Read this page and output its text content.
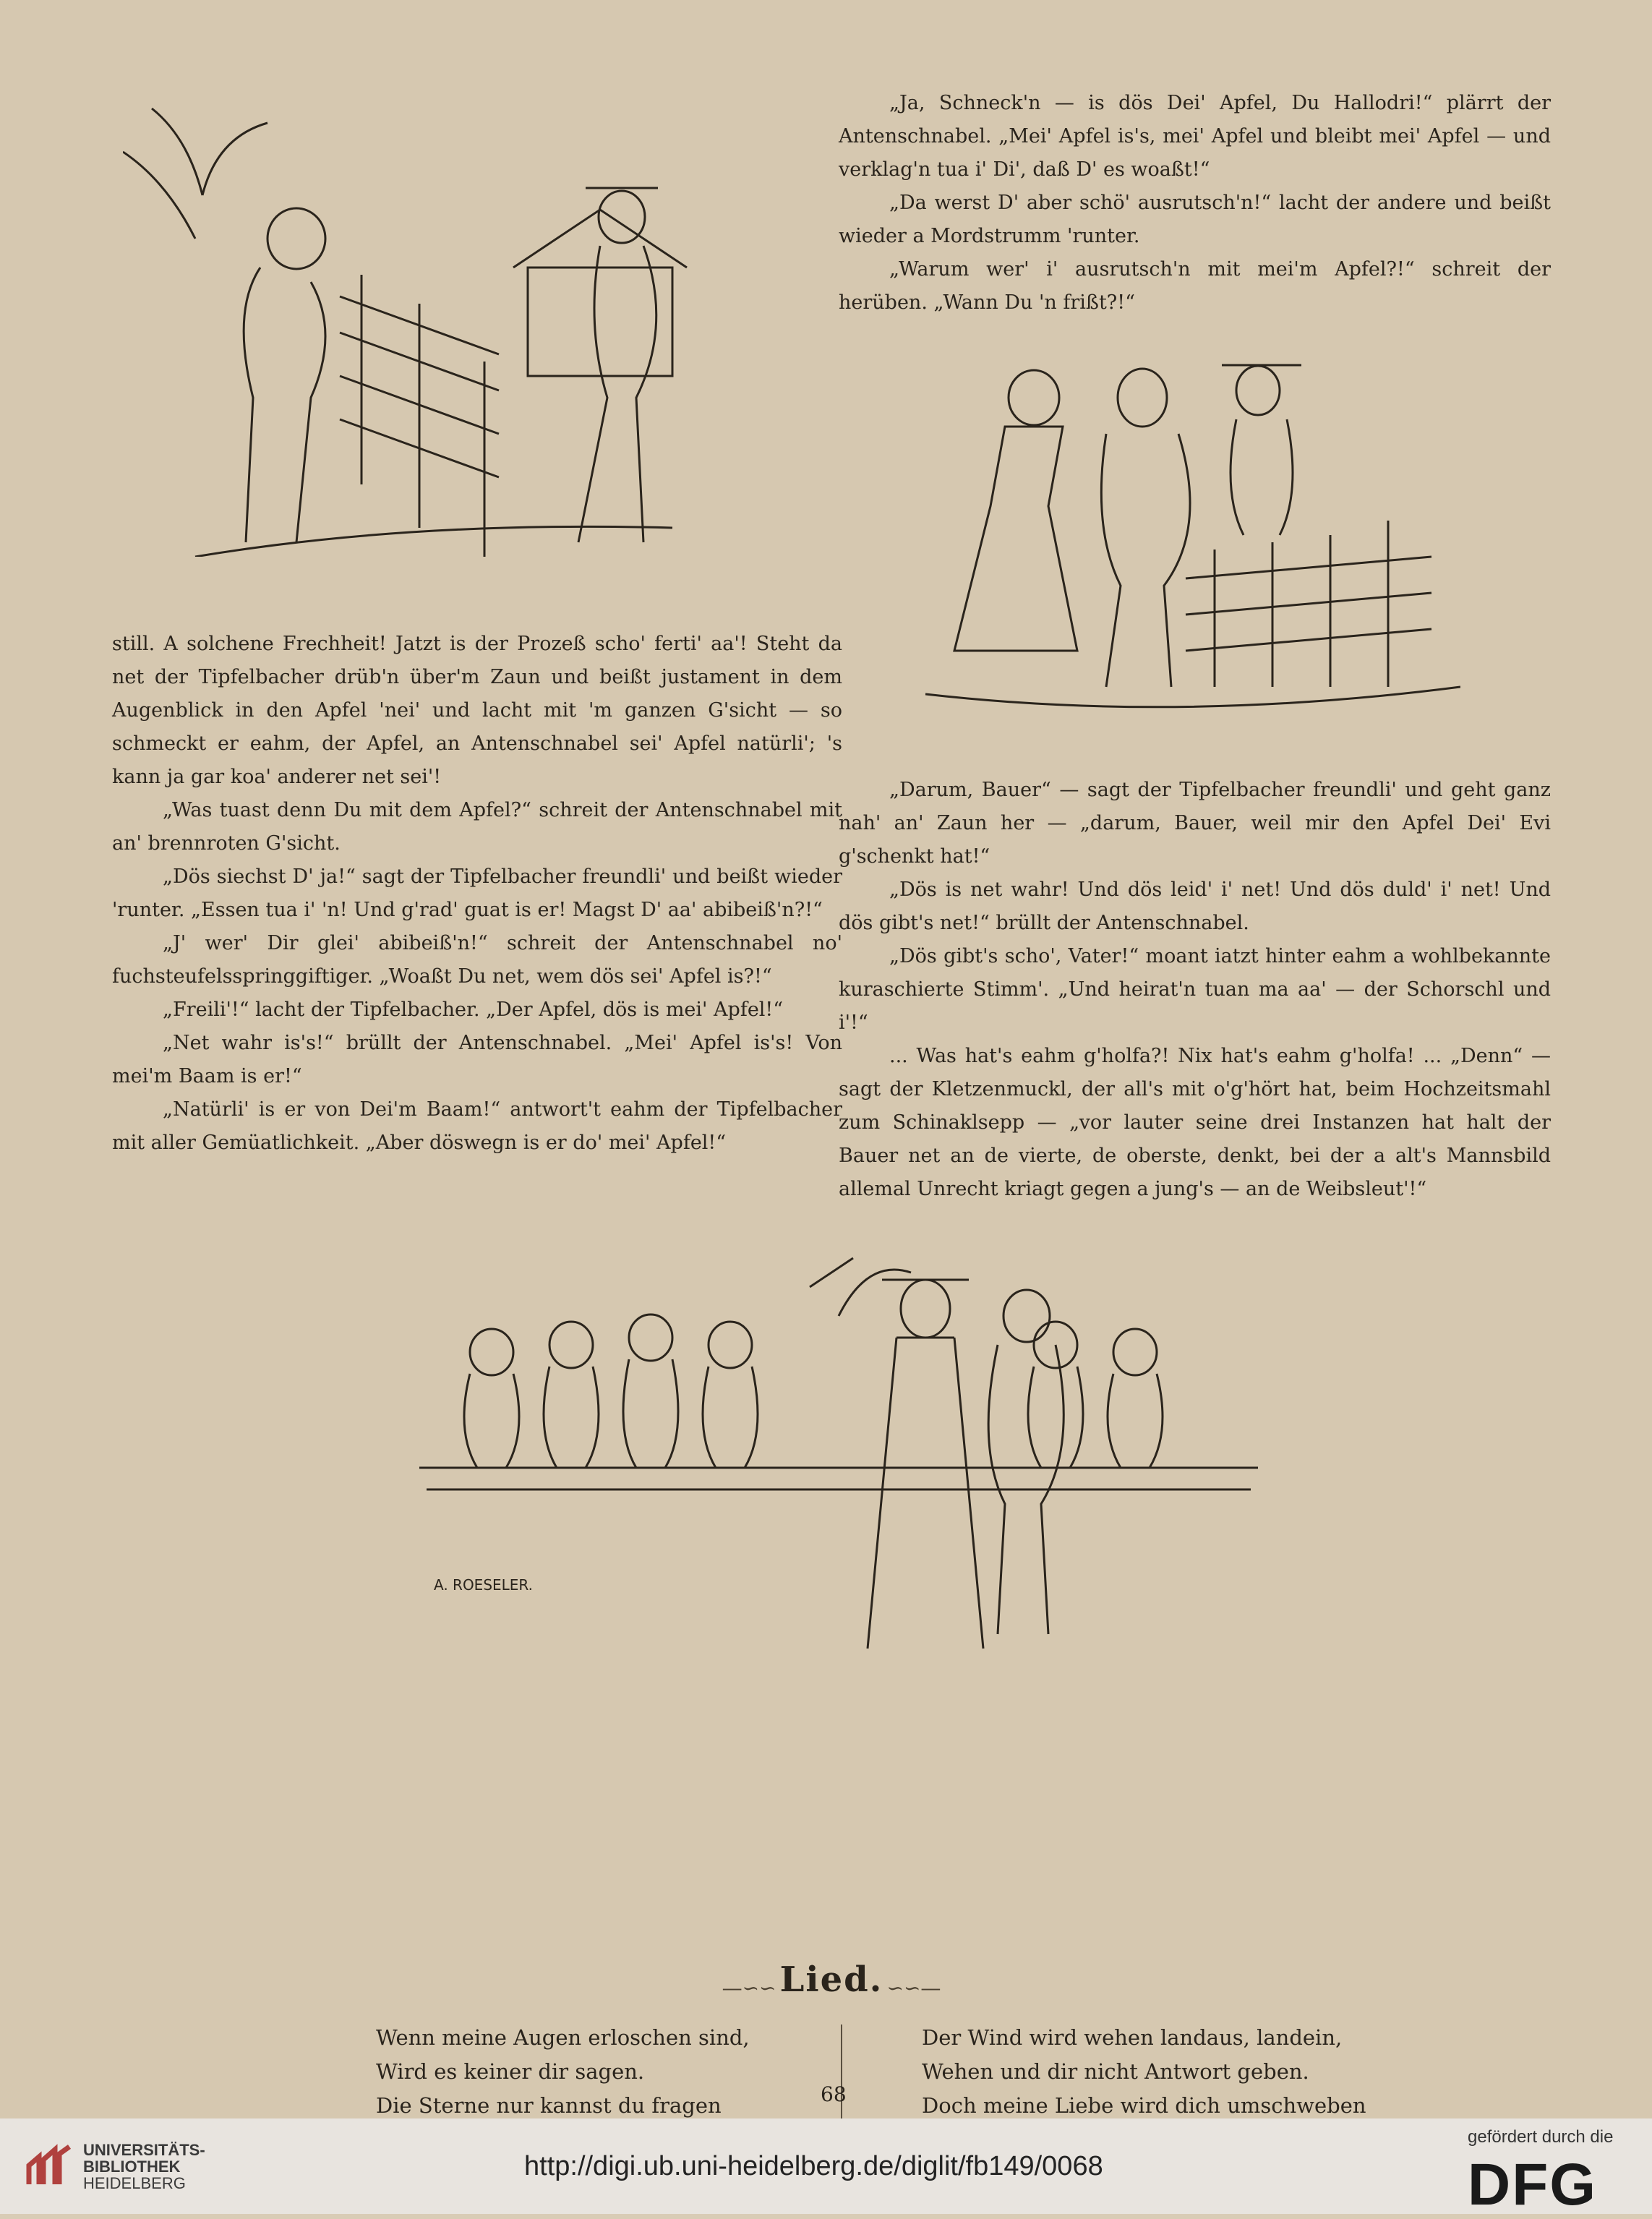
still. A solchene Frechheit! Jatzt is der Prozeß scho' ferti' aa'! Steht da net der Tipfelbacher drüb'n über'm Zaun und beißt justament in dem Augenblick in den Apfel 'nei' und lacht mit 'm ganzen G'sicht — so schmeckt er eahm, der Apfel, an Antenschnabel sei' Apfel natürli'; 's kann ja gar koa' anderer net sei'!

„Was tuast denn Du mit dem Apfel?“ schreit der Antenschnabel mit an' brennroten G'sicht.

„Dös siechst D' ja!“ sagt der Tipfelbacher freundli' und beißt wieder 'runter. „Essen tua i' 'n! Und g'rad' guat is er! Magst D' aa' abibeiß'n?!“

„J' wer' Dir glei' abibeiß'n!“ schreit der Antenschnabel no' fuchsteufelsspringgiftiger. „Woaßt Du net, wem dös sei' Apfel is?!“

„Freili'!“ lacht der Tipfelbacher. „Der Apfel, dös is mei' Apfel!“

„Net wahr is's!“ brüllt der Antenschnabel. „Mei' Apfel is's! Von mei'm Baam is er!“

„Natürli' is er von Dei'm Baam!“ antwort't eahm der Tipfelbacher mit aller Gemüatlichkeit. „Aber döswegn is er do' mei' Apfel!“

„Ja, Schneck'n — is dös Dei' Apfel, Du Hallodri!“ plärrt der Antenschnabel. „Mei' Apfel is's, mei' Apfel und bleibt mei' Apfel — und verklag'n tua i' Di', daß D' es woaßt!“

„Da werst D' aber schö' ausrutsch'n!“ lacht der andere und beißt wieder a Mordstrumm 'runter.

„Warum wer' i' ausrutsch'n mit mei'm Apfel?!“ schreit der herüben. „Wann Du 'n frißt?!“

„Darum, Bauer“ — sagt der Tipfelbacher freundli' und geht ganz nah' an' Zaun her — „darum, Bauer, weil mir den Apfel Dei' Evi g'schenkt hat!“

„Dös is net wahr! Und dös leid' i' net! Und dös duld' i' net! Und dös gibt's net!“ brüllt der Antenschnabel.

„Dös gibt's scho', Vater!“ moant iatzt hinter eahm a wohlbekannte kuraschierte Stimm'. „Und heirat'n tuan ma aa' — der Schorschl und i'!“

... Was hat's eahm g'holfa?! Nix hat's eahm g'holfa! ... „Denn“ — sagt der Kletzenmuckl, der all's mit o'g'hört hat, beim Hochzeitsmahl zum Schinaklsepp — „vor lauter seine drei Instanzen hat halt der Bauer net an de vierte, de oberste, denkt, bei der a alt's Mannsbild allemal Unrecht kriagt gegen a jung's — an de Weibsleut'!“

A. ROESELER.
—∽∽ Lied. ∽∽—
Wenn meine Augen erloschen sind,
Wird es keiner dir sagen.
Die Sterne nur kannst du fragen
Der Wind wird wehen landaus, landein,
Wehen und dir nicht Antwort geben.
Doch meine Liebe wird dich umschweben
68
UNIVERSITÄTS-
BIBLIOTHEK
HEIDELBERG
http://digi.ub.uni-heidelberg.de/diglit/fb149/0068
gefördert durch die
DFG
